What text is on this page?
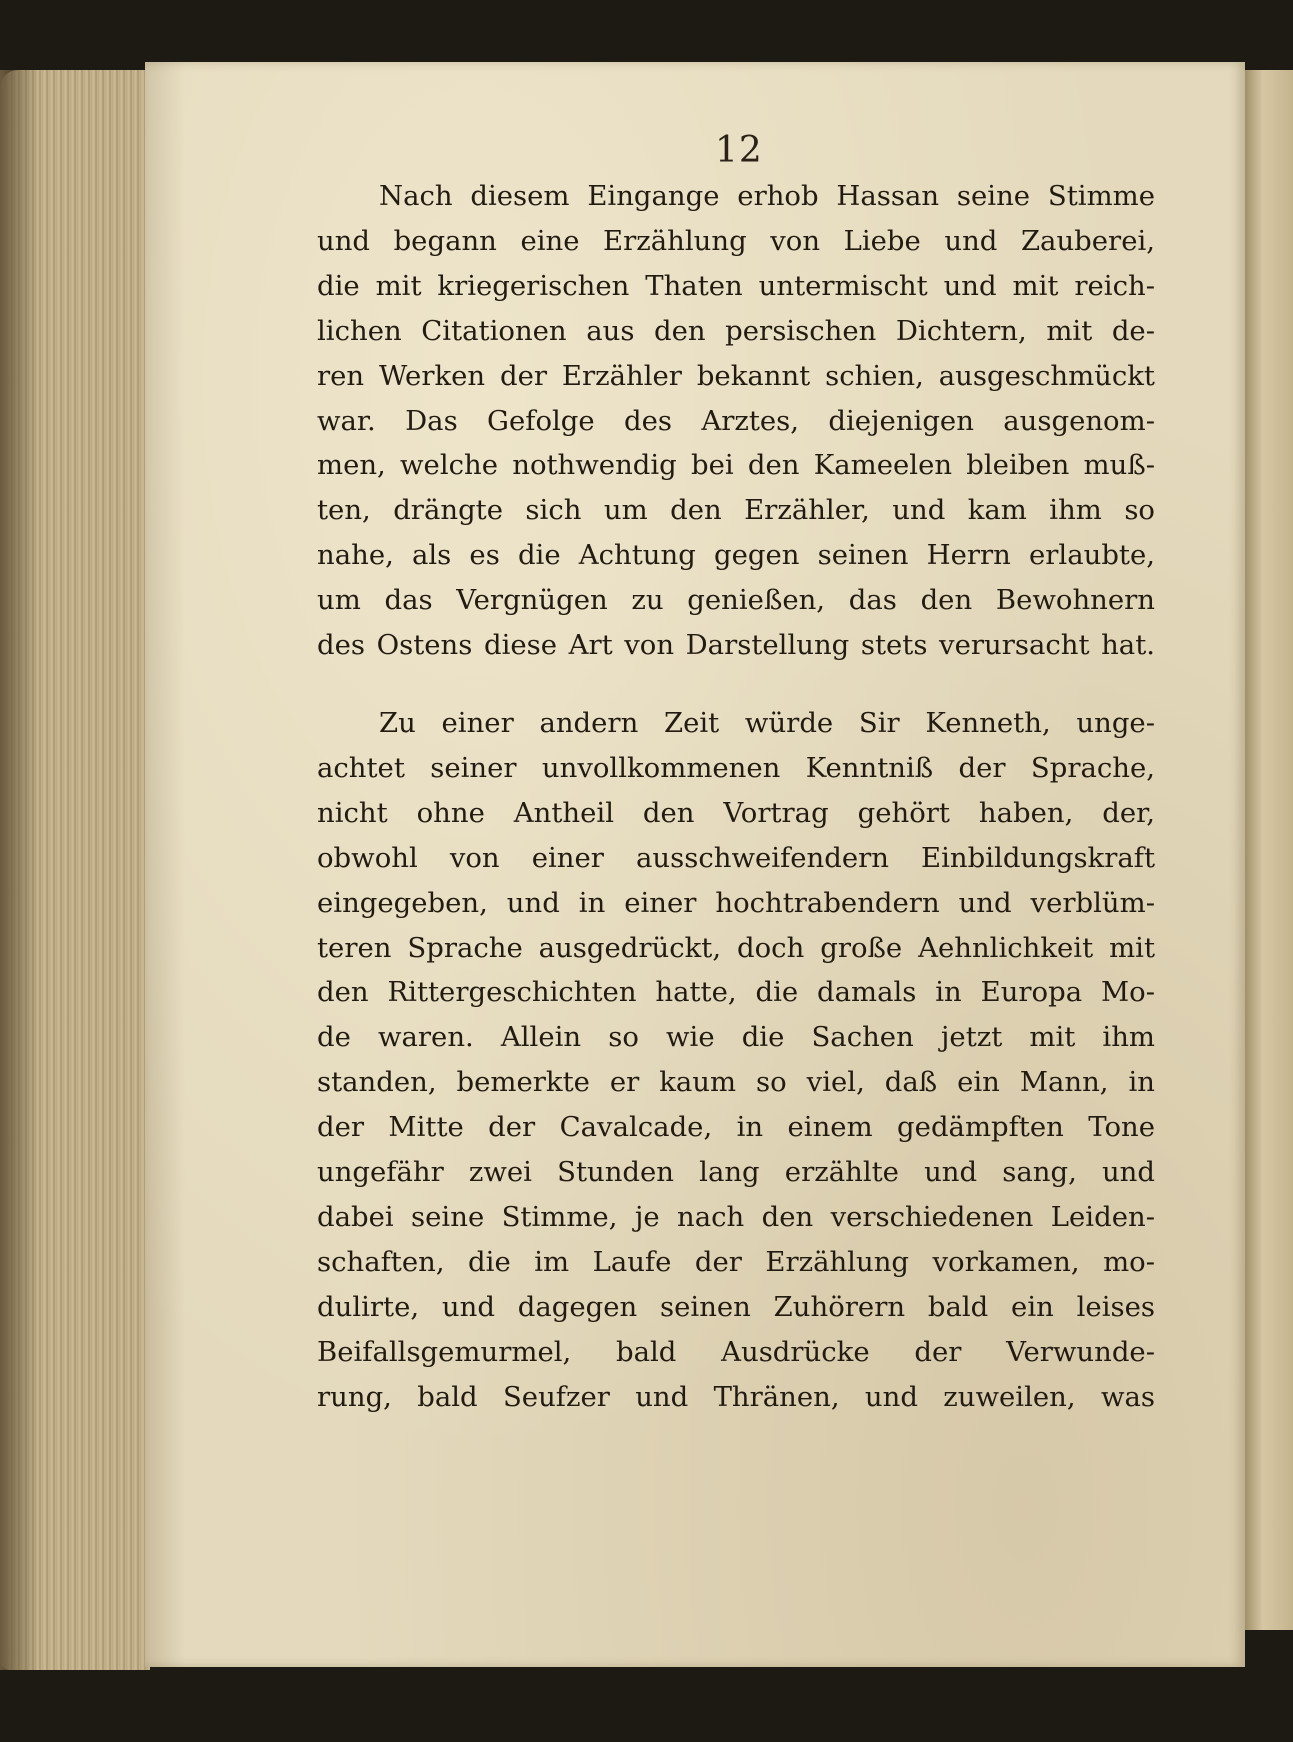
12

Nach diesem Eingange erhob Hassan seine Stimme
und begann eine Erzählung von Liebe und Zauberei,
die mit kriegerischen Thaten untermischt und mit reich-
lichen Citationen aus den persischen Dichtern, mit de-
ren Werken der Erzähler bekannt schien, ausgeschmückt
war. Das Gefolge des Arztes, diejenigen ausgenom-
men, welche nothwendig bei den Kameelen bleiben muß-
ten, drängte sich um den Erzähler, und kam ihm so
nahe, als es die Achtung gegen seinen Herrn erlaubte,
um das Vergnügen zu genießen, das den Bewohnern
des Ostens diese Art von Darstellung stets verursacht hat.

Zu einer andern Zeit würde Sir Kenneth, unge-
achtet seiner unvollkommenen Kenntniß der Sprache,
nicht ohne Antheil den Vortrag gehört haben, der,
obwohl von einer ausschweifendern Einbildungskraft
eingegeben, und in einer hochtrabendern und verblüm-
teren Sprache ausgedrückt, doch große Aehnlichkeit mit
den Rittergeschichten hatte, die damals in Europa Mo-
de waren. Allein so wie die Sachen jetzt mit ihm
standen, bemerkte er kaum so viel, daß ein Mann, in
der Mitte der Cavalcade, in einem gedämpften Tone
ungefähr zwei Stunden lang erzählte und sang, und
dabei seine Stimme, je nach den verschiedenen Leiden-
schaften, die im Laufe der Erzählung vorkamen, mo-
dulirte, und dagegen seinen Zuhörern bald ein leises
Beifallsgemurmel, bald Ausdrücke der Verwunde-
rung, bald Seufzer und Thränen, und zuweilen, was
